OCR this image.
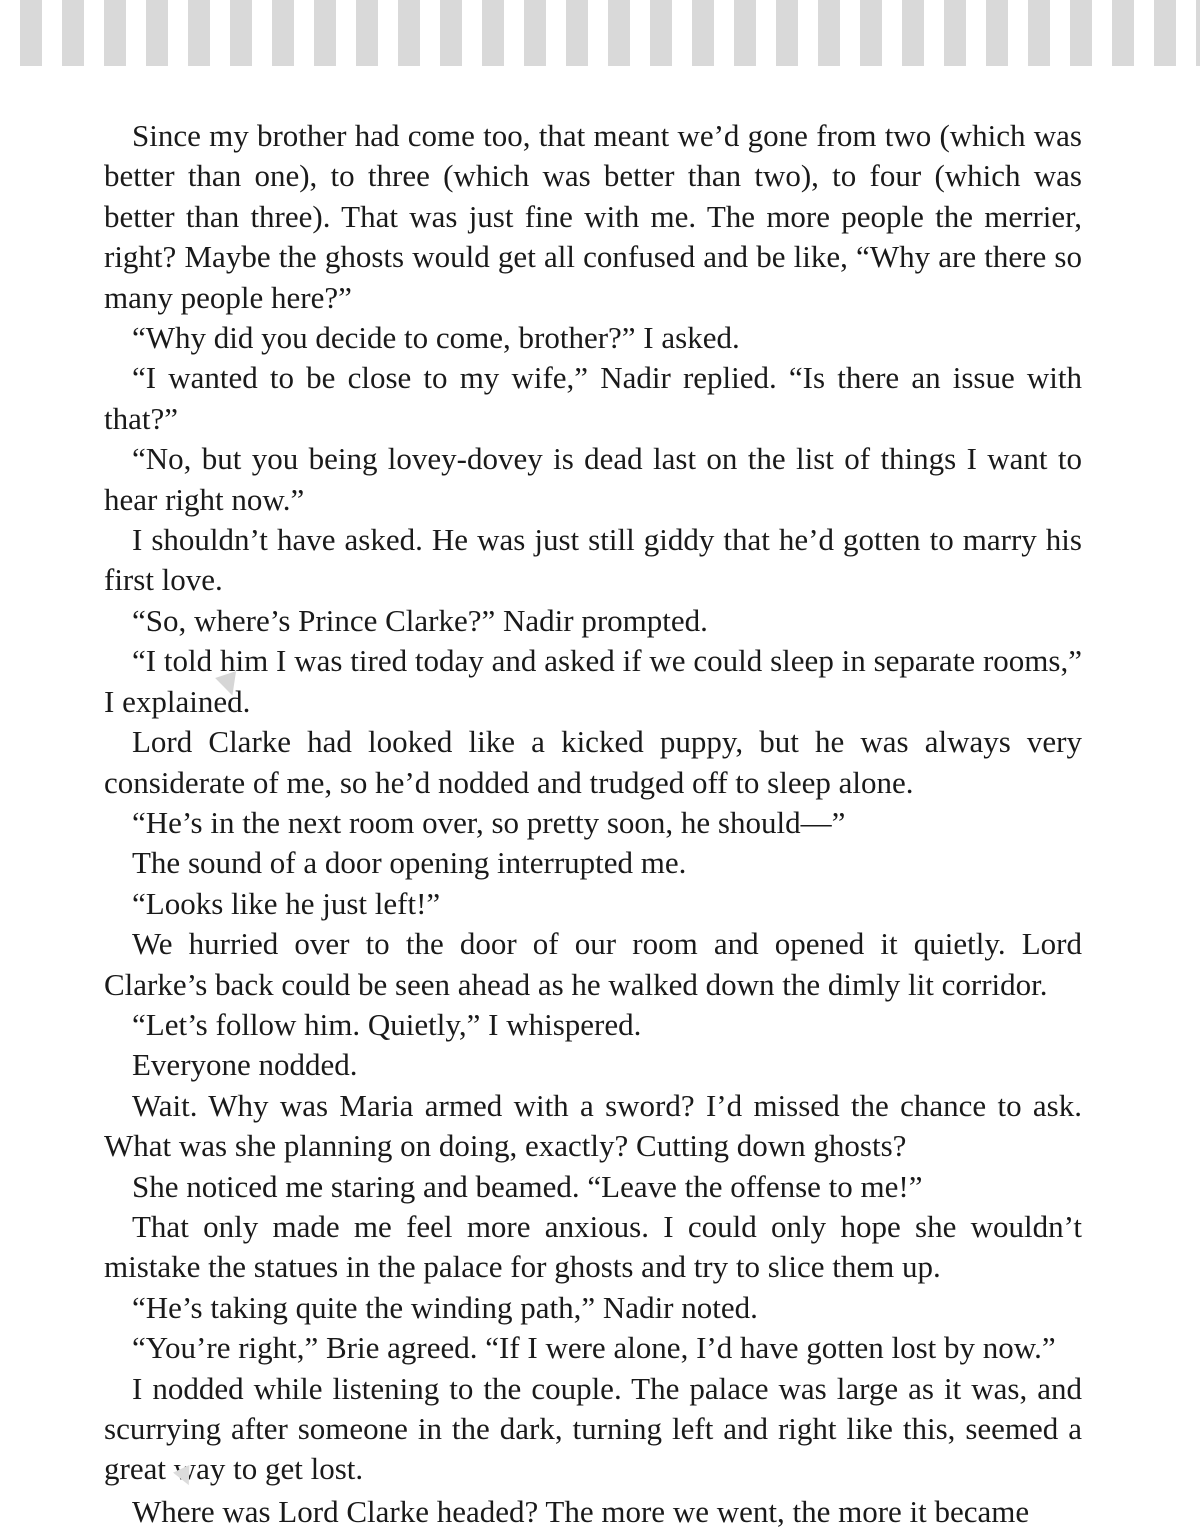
Since my brother had come too, that meant we’d gone from two (which was better than one), to three (which was better than two), to four (which was better than three). That was just fine with me. The more people the merrier, right? Maybe the ghosts would get all confused and be like, “Why are there so many people here?”

“Why did you decide to come, brother?” I asked.

“I wanted to be close to my wife,” Nadir replied. “Is there an issue with that?”

“No, but you being lovey-dovey is dead last on the list of things I want to hear right now.”

I shouldn’t have asked. He was just still giddy that he’d gotten to marry his first love.

“So, where’s Prince Clarke?” Nadir prompted.

“I told him I was tired today and asked if we could sleep in separate rooms,” I explained.

Lord Clarke had looked like a kicked puppy, but he was always very considerate of me, so he’d nodded and trudged off to sleep alone.

“He’s in the next room over, so pretty soon, he should—”

The sound of a door opening interrupted me.

“Looks like he just left!”

We hurried over to the door of our room and opened it quietly. Lord Clarke’s back could be seen ahead as he walked down the dimly lit corridor.

“Let’s follow him. Quietly,” I whispered.

Everyone nodded.

Wait. Why was Maria armed with a sword? I’d missed the chance to ask. What was she planning on doing, exactly? Cutting down ghosts?

She noticed me staring and beamed. “Leave the offense to me!”

That only made me feel more anxious. I could only hope she wouldn’t mistake the statues in the palace for ghosts and try to slice them up.

“He’s taking quite the winding path,” Nadir noted.

“You’re right,” Brie agreed. “If I were alone, I’d have gotten lost by now.”

I nodded while listening to the couple. The palace was large as it was, and scurrying after someone in the dark, turning left and right like this, seemed a great way to get lost.

Where was Lord Clarke headed? The more we went, the more it became
